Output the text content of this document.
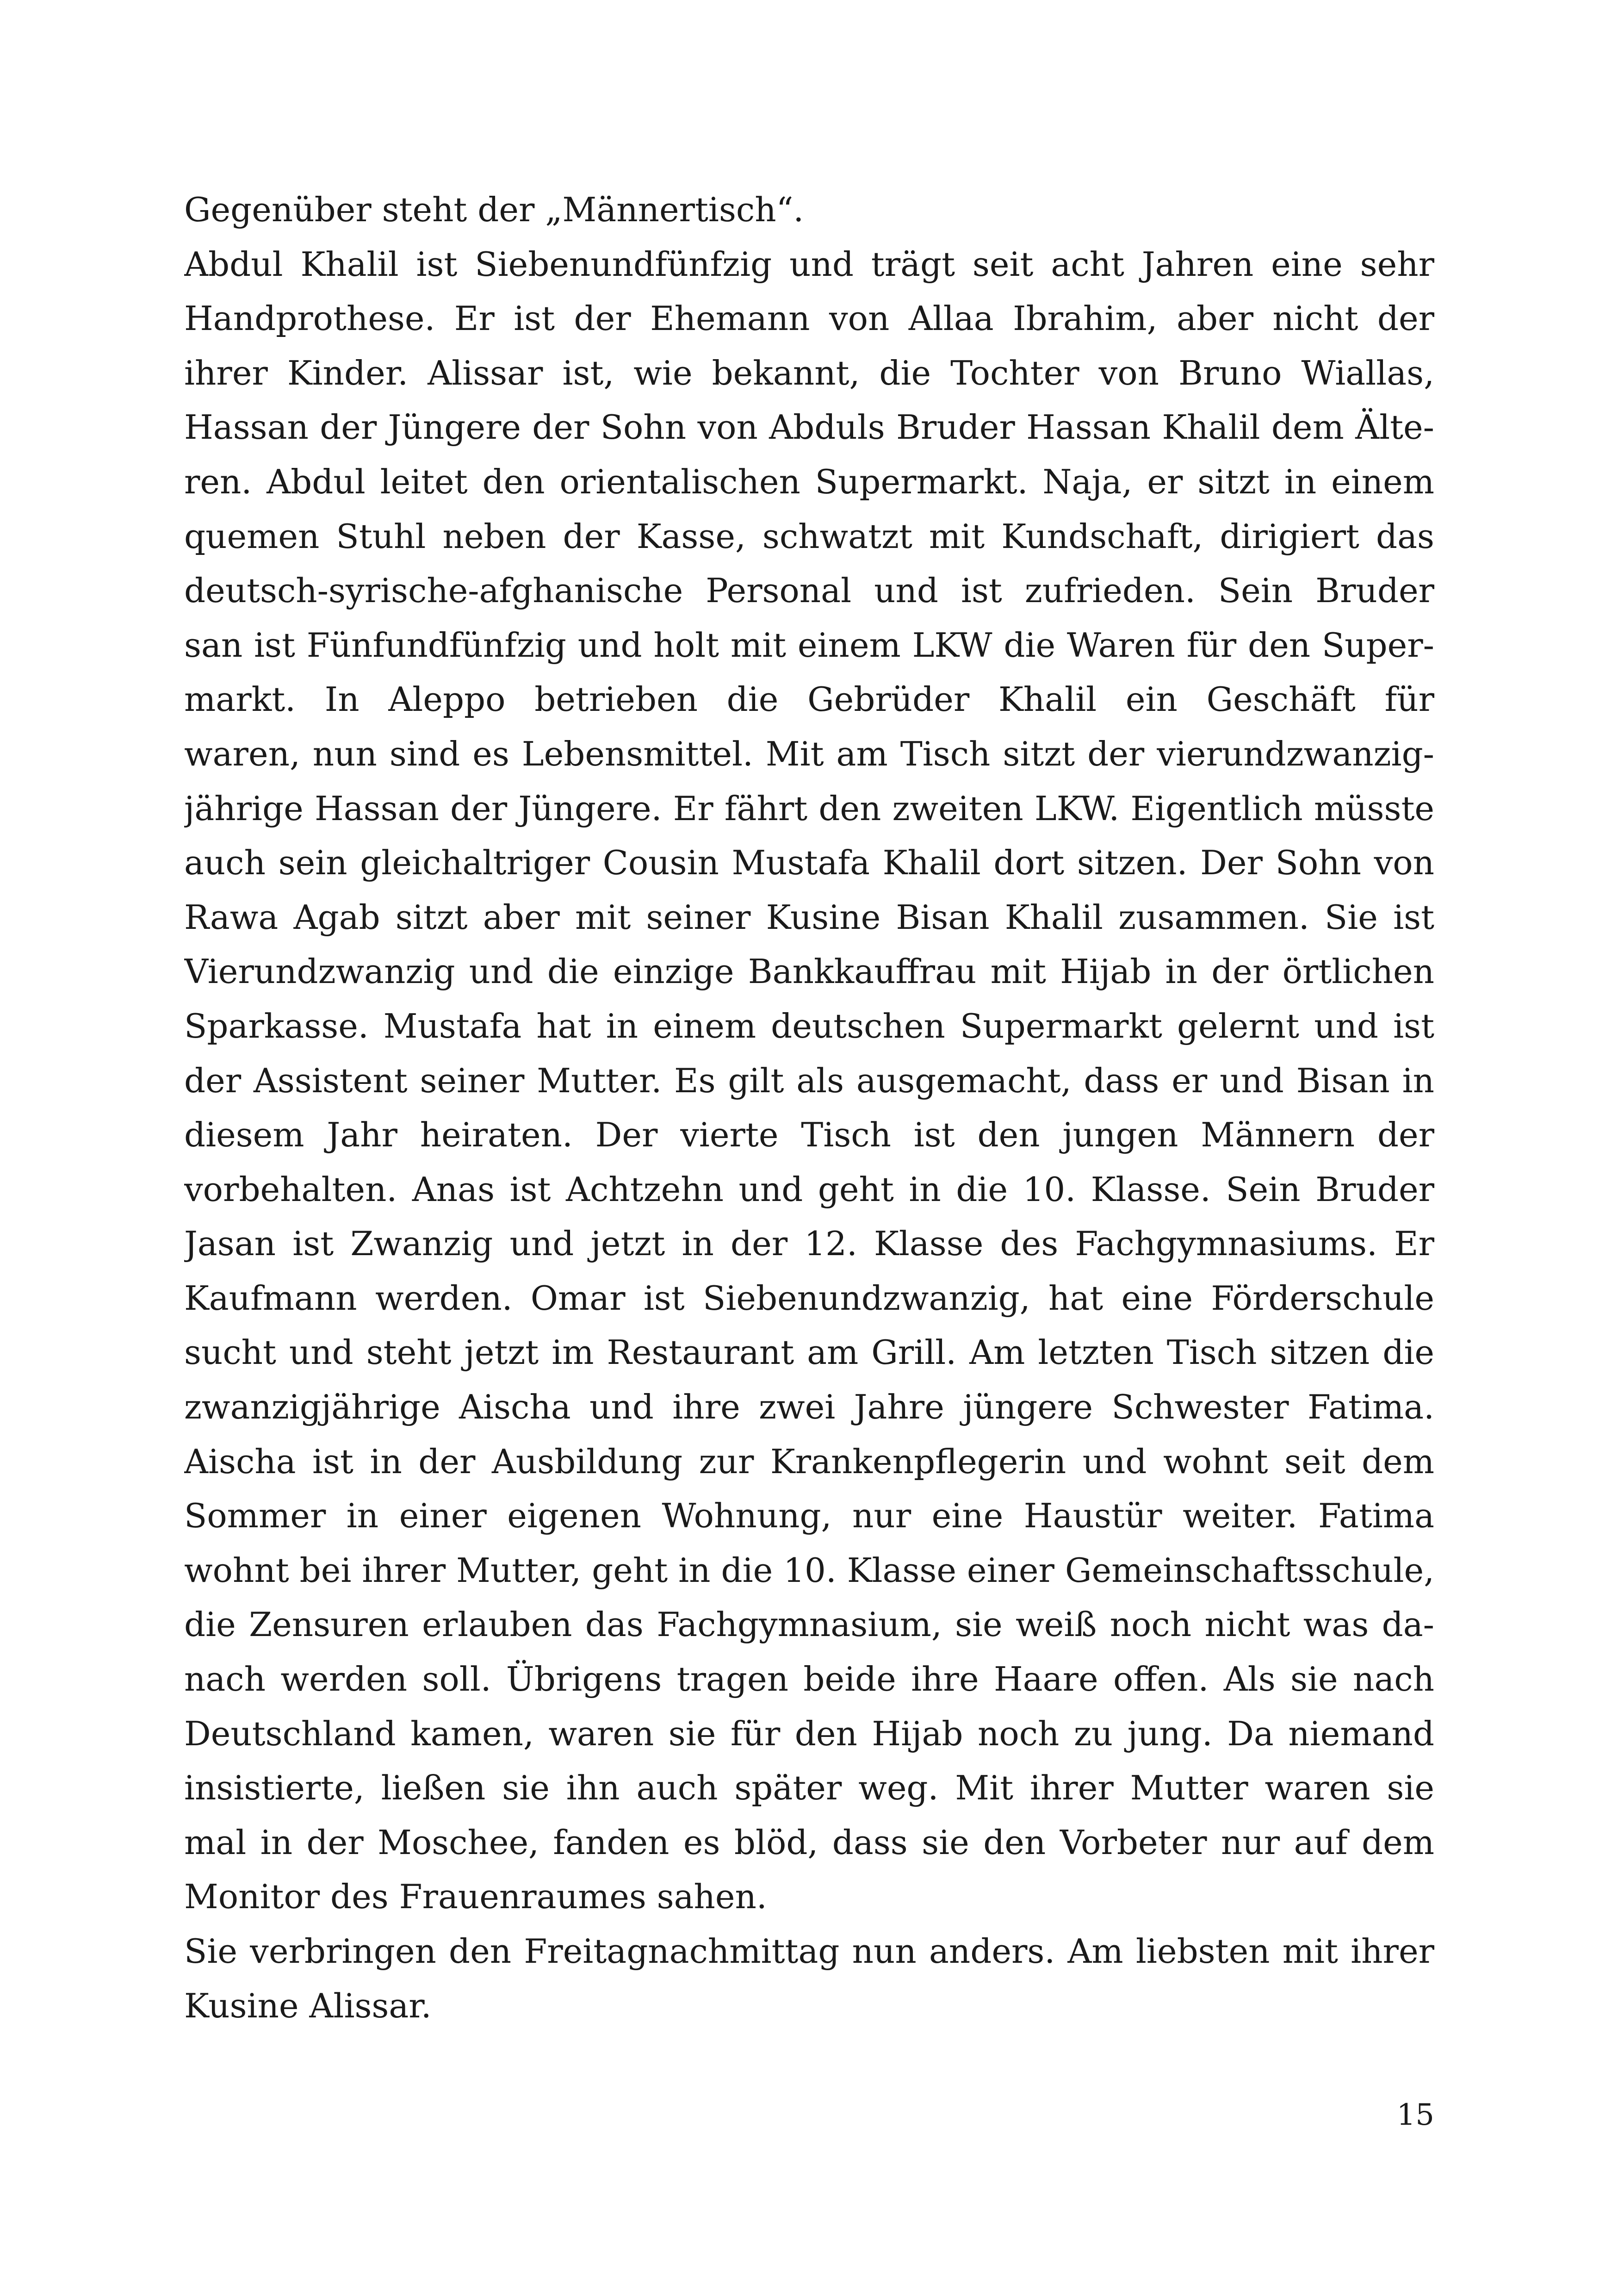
Gegenüber steht der „Männertisch“.
Abdul Khalil ist Siebenundfünfzig und trägt seit acht Jahren eine sehr
Handprothese. Er ist der Ehemann von Allaa Ibrahim, aber nicht der
ihrer Kinder. Alissar ist, wie bekannt, die Tochter von Bruno Wiallas,
Hassan der Jüngere der Sohn von Abduls Bruder Hassan Khalil dem Älte-
ren. Abdul leitet den orientalischen Supermarkt. Naja, er sitzt in einem
quemen Stuhl neben der Kasse, schwatzt mit Kundschaft, dirigiert das
deutsch-syrische-afghanische Personal und ist zufrieden. Sein Bruder
san ist Fünfundfünfzig und holt mit einem LKW die Waren für den Super-
markt. In Aleppo betrieben die Gebrüder Khalil ein Geschäft für
waren, nun sind es Lebensmittel. Mit am Tisch sitzt der vierundzwanzig-
jährige Hassan der Jüngere. Er fährt den zweiten LKW. Eigentlich müsste
auch sein gleichaltriger Cousin Mustafa Khalil dort sitzen. Der Sohn von
Rawa Agab sitzt aber mit seiner Kusine Bisan Khalil zusammen. Sie ist
Vierundzwanzig und die einzige Bankkauffrau mit Hijab in der örtlichen
Sparkasse. Mustafa hat in einem deutschen Supermarkt gelernt und ist
der Assistent seiner Mutter. Es gilt als ausgemacht, dass er und Bisan in
diesem Jahr heiraten. Der vierte Tisch ist den jungen Männern der
vorbehalten. Anas ist Achtzehn und geht in die 10. Klasse. Sein Bruder
Jasan ist Zwanzig und jetzt in der 12. Klasse des Fachgymnasiums. Er
Kaufmann werden. Omar ist Siebenundzwanzig, hat eine Förderschule
sucht und steht jetzt im Restaurant am Grill. Am letzten Tisch sitzen die
zwanzigjährige Aischa und ihre zwei Jahre jüngere Schwester Fatima.
Aischa ist in der Ausbildung zur Krankenpflegerin und wohnt seit dem
Sommer in einer eigenen Wohnung, nur eine Haustür weiter. Fatima
wohnt bei ihrer Mutter, geht in die 10. Klasse einer Gemeinschaftsschule,
die Zensuren erlauben das Fachgymnasium, sie weiß noch nicht was da-
nach werden soll. Übrigens tragen beide ihre Haare offen. Als sie nach
Deutschland kamen, waren sie für den Hijab noch zu jung. Da niemand
insistierte, ließen sie ihn auch später weg. Mit ihrer Mutter waren sie
mal in der Moschee, fanden es blöd, dass sie den Vorbeter nur auf dem
Monitor des Frauenraumes sahen.
Sie verbringen den Freitagnachmittag nun anders. Am liebsten mit ihrer
Kusine Alissar.
15
